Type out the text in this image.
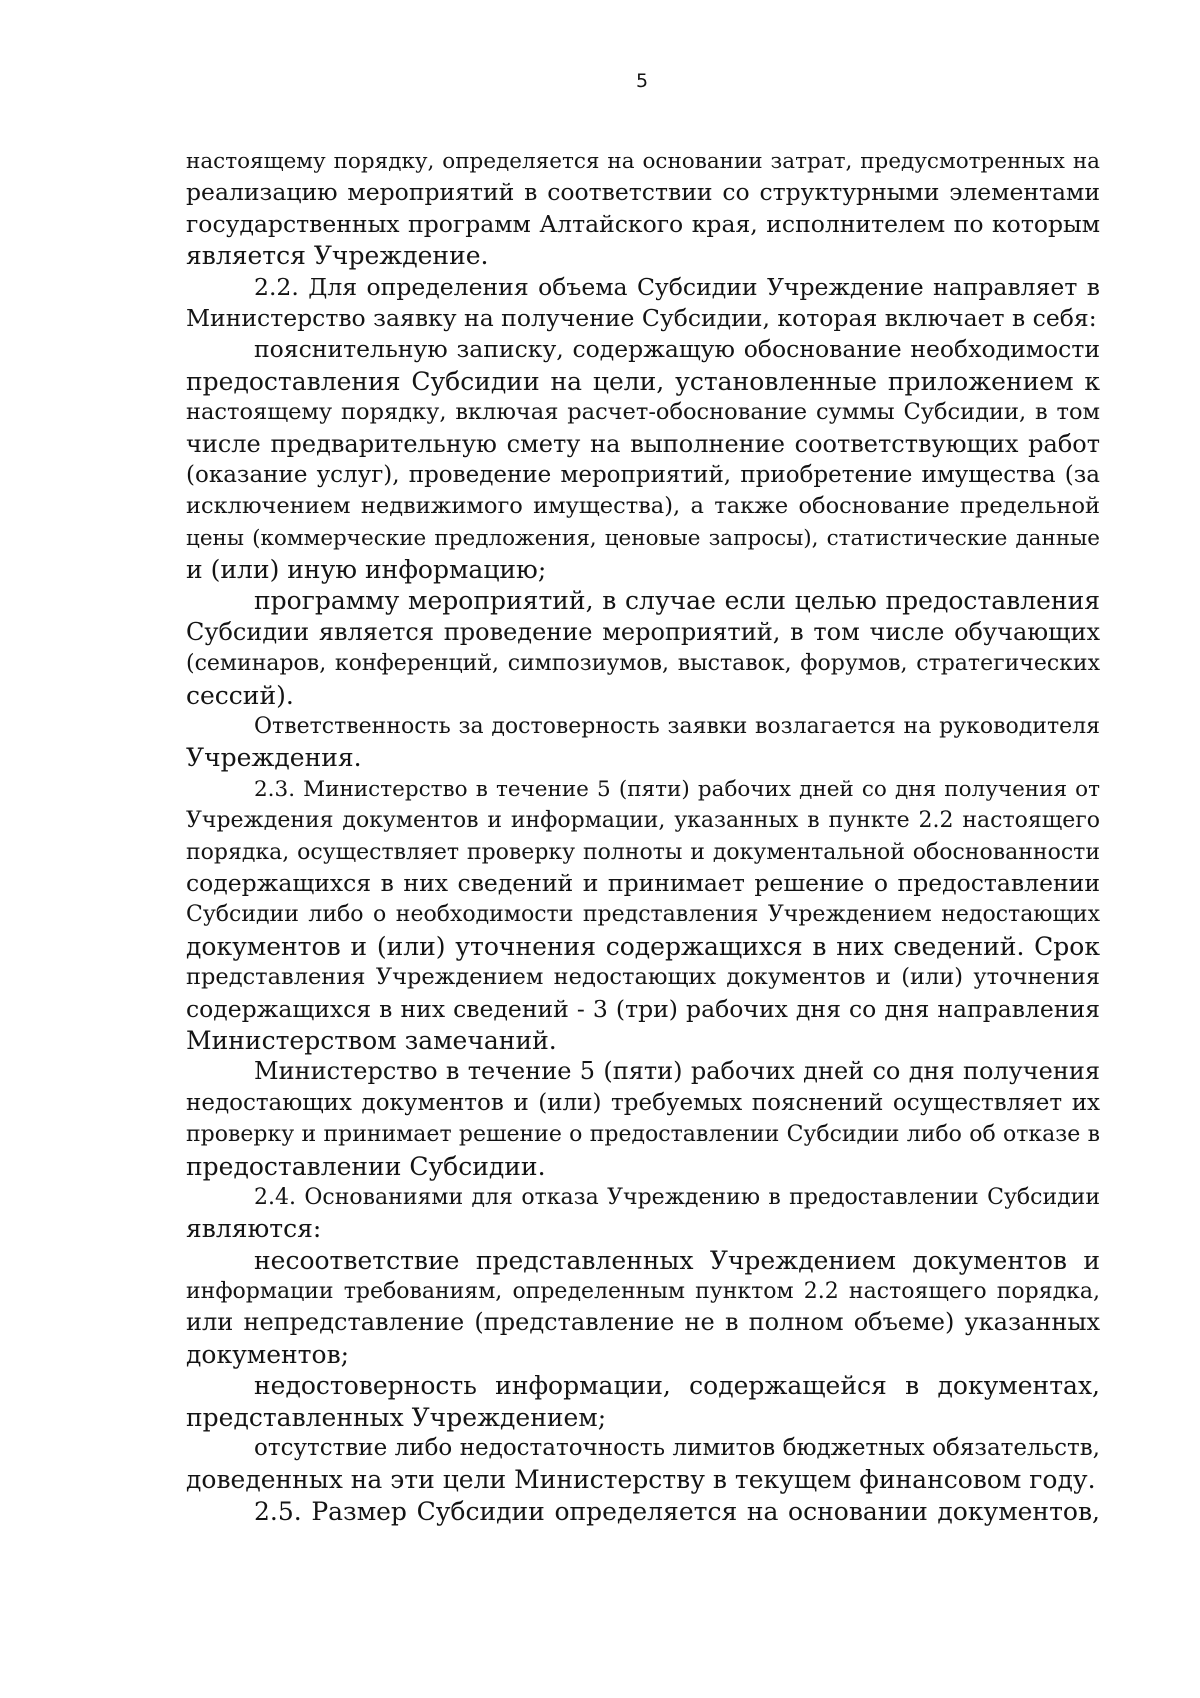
5
настоящему порядку, определяется на основании затрат, предусмотренных на
реализацию мероприятий в соответствии со структурными элементами
государственных программ Алтайского края, исполнителем по которым
является Учреждение.
2.2. Для определения объема Субсидии Учреждение направляет в
Министерство заявку на получение Субсидии, которая включает в себя:
пояснительную записку, содержащую обоснование необходимости
предоставления Субсидии на цели, установленные приложением к
настоящему порядку, включая расчет-обоснование суммы Субсидии, в том
числе предварительную смету на выполнение соответствующих работ
(оказание услуг), проведение мероприятий, приобретение имущества (за
исключением недвижимого имущества), а также обоснование предельной
цены (коммерческие предложения, ценовые запросы), статистические данные
и (или) иную информацию;
программу мероприятий, в случае если целью предоставления
Субсидии является проведение мероприятий, в том числе обучающих
(семинаров, конференций, симпозиумов, выставок, форумов, стратегических
сессий).
Ответственность за достоверность заявки возлагается на руководителя
Учреждения.
2.3. Министерство в течение 5 (пяти) рабочих дней со дня получения от
Учреждения документов и информации, указанных в пункте 2.2 настоящего
порядка, осуществляет проверку полноты и документальной обоснованности
содержащихся в них сведений и принимает решение о предоставлении
Субсидии либо о необходимости представления Учреждением недостающих
документов и (или) уточнения содержащихся в них сведений. Срок
представления Учреждением недостающих документов и (или) уточнения
содержащихся в них сведений - 3 (три) рабочих дня со дня направления
Министерством замечаний.
Министерство в течение 5 (пяти) рабочих дней со дня получения
недостающих документов и (или) требуемых пояснений осуществляет их
проверку и принимает решение о предоставлении Субсидии либо об отказе в
предоставлении Субсидии.
2.4. Основаниями для отказа Учреждению в предоставлении Субсидии
являются:
несоответствие представленных Учреждением документов и
информации требованиям, определенным пунктом 2.2 настоящего порядка,
или непредставление (представление не в полном объеме) указанных
документов;
недостоверность информации, содержащейся в документах,
представленных Учреждением;
отсутствие либо недостаточность лимитов бюджетных обязательств,
доведенных на эти цели Министерству в текущем финансовом году.
2.5. Размер Субсидии определяется на основании документов,
